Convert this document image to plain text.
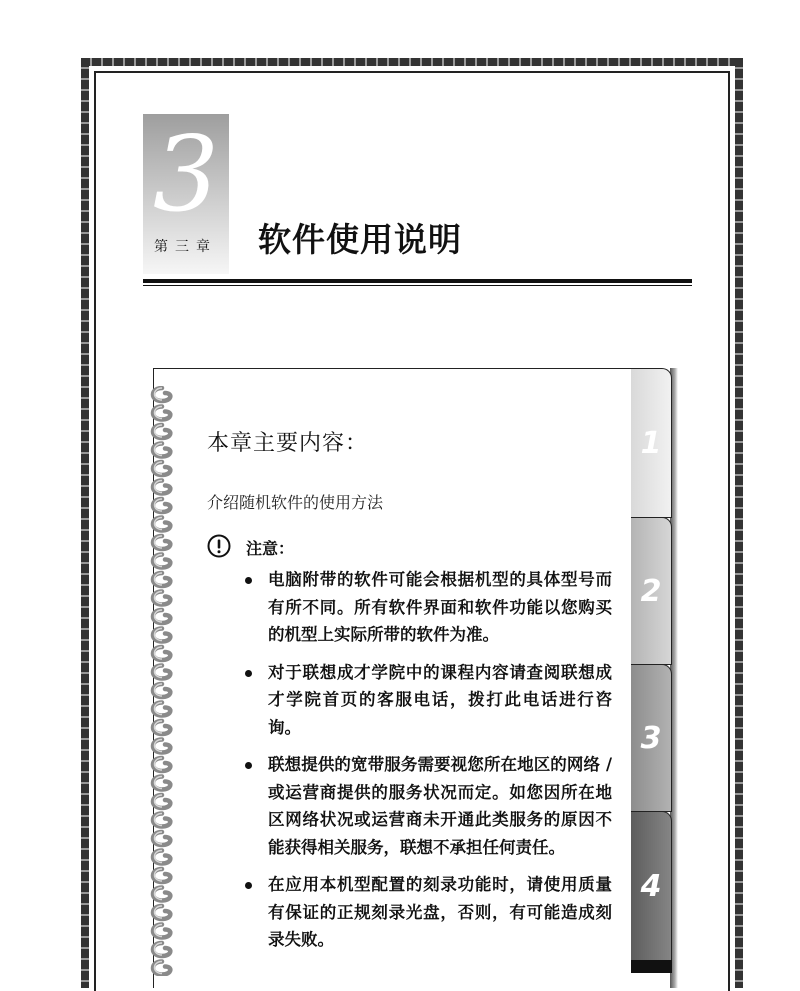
3
第三章 软件使用说明
1
2
3
4
本章主要内容：
介绍随机软件的使用方法
注意：
电脑附带的软件可能会根据机型的具体型号而有所不同。所有软件界面和软件功能以您购买的机型上实际所带的软件为准。
对于联想成才学院中的课程内容请查阅联想成才学院首页的客服电话，拨打此电话进行咨询。
联想提供的宽带服务需要视您所在地区的网络 / 或运营商提供的服务状况而定。如您因所在地区网络状况或运营商未开通此类服务的原因不能获得相关服务，联想不承担任何责任。
在应用本机型配置的刻录功能时，请使用质量有保证的正规刻录光盘，否则，有可能造成刻录失败。
